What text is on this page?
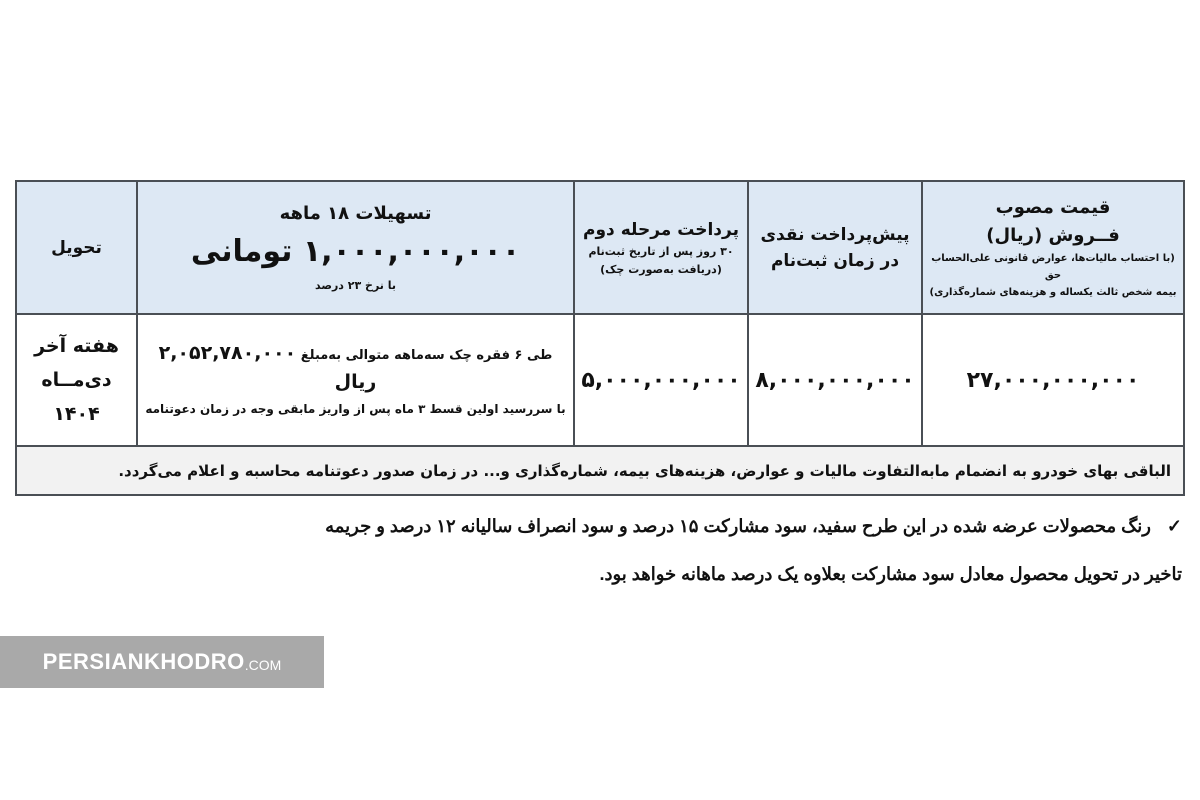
قیمت مصوب
فــروش (ریال)
(با احتساب مالیات‌ها، عوارض قانونی علی‌الحساب حق
بیمه شخص ثالث یکساله و هزینه‌های شماره‌گذاری)
پیش‌پرداخت نقدی
در زمان ثبت‌نام
پرداخت مرحله دوم
۳۰ روز پس از تاریخ ثبت‌نام
(دریافت به‌صورت چک)
تسهیلات ۱۸ ماهه
۱,۰۰۰,۰۰۰,۰۰۰ تومانی
با نرخ ۲۳ درصد
تحویل
۲۷,۰۰۰,۰۰۰,۰۰۰
۸,۰۰۰,۰۰۰,۰۰۰
۵,۰۰۰,۰۰۰,۰۰۰
طی ۶ فقره چک سه‌ماهه متوالی به‌مبلغ ۲,۰۵۲,۷۸۰,۰۰۰ ریال
با سررسید اولین قسط ۳ ماه پس از واریز مابقی وجه در زمان دعوتنامه
هفته آخر
دی‌مــاه
۱۴۰۴
الباقی بهای خودرو به انضمام مابه‌التفاوت مالیات و عوارض، هزینه‌های بیمه، شماره‌گذاری و... در زمان صدور دعوتنامه محاسبه و اعلام می‌گردد.
✓رنگ محصولات عرضه شده در این طرح سفید، سود مشارکت ۱۵ درصد و سود انصراف سالیانه ۱۲ درصد و جریمه
تاخیر در تحویل محصول معادل سود مشارکت بعلاوه یک درصد ماهانه خواهد بود.
PERSIANKHODRO .COM
